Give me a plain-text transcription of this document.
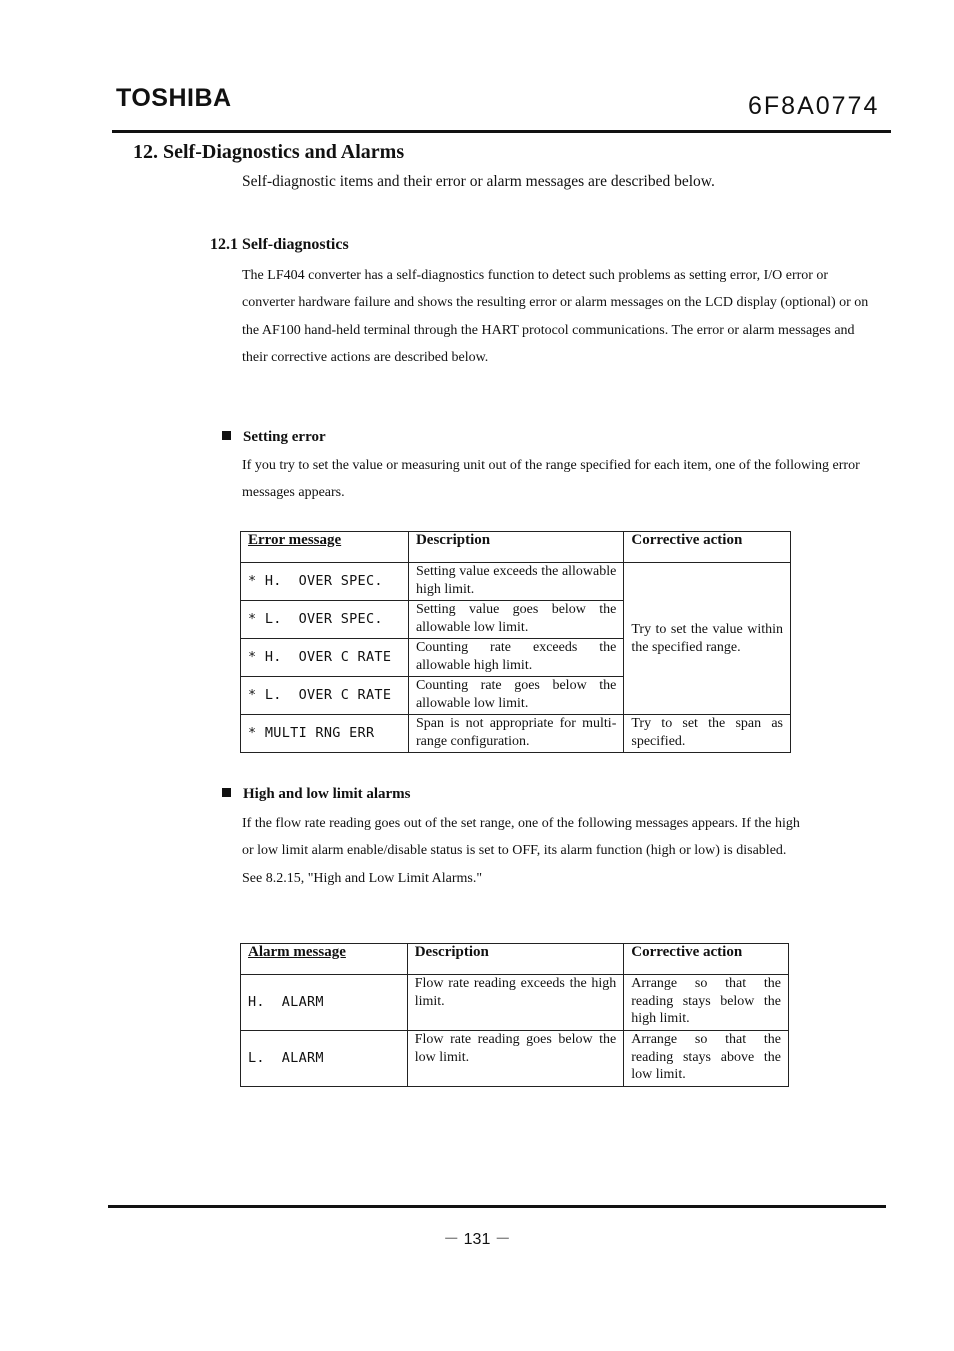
TOSHIBA	6F8A0774
12. Self-Diagnostics and Alarms
Self-diagnostic items and their error or alarm messages are described below.
12.1 Self-diagnostics
The LF404 converter has a self-diagnostics function to detect such problems as setting error, I/O error or converter hardware failure and shows the resulting error or alarm messages on the LCD display (optional) or on the AF100 hand-held terminal through the HART protocol communications. The error or alarm messages and their corrective actions are described below.
Setting error
If you try to set the value or measuring unit out of the range specified for each item, one of the following error messages appears.
Error message	Description	Corrective action
* H.  OVER SPEC.	Setting value exceeds the allowable high limit.	Try to set the value within the specified range.
* L.  OVER SPEC.	Setting value goes below the allowable low limit.	
* H.  OVER C RATE	Counting rate exceeds the allowable high limit.	
* L.  OVER C RATE	Counting rate goes below the allowable low limit.	
* MULTI RNG ERR	Span is not appropriate for multi-range configuration.	Try to set the span as specified.
High and low limit alarms
If the flow rate reading goes out of the set range, one of the following messages appears. If the high or low limit alarm enable/disable status is set to OFF, its alarm function (high or low) is disabled. See 8.2.15, "High and Low Limit Alarms."
Alarm message	Description	Corrective action
H.  ALARM	Flow rate reading exceeds the high limit.	Arrange so that the reading stays below the high limit.
L.  ALARM	Flow rate reading goes below the low limit.	Arrange so that the reading stays above the low limit.
－ 131 －
